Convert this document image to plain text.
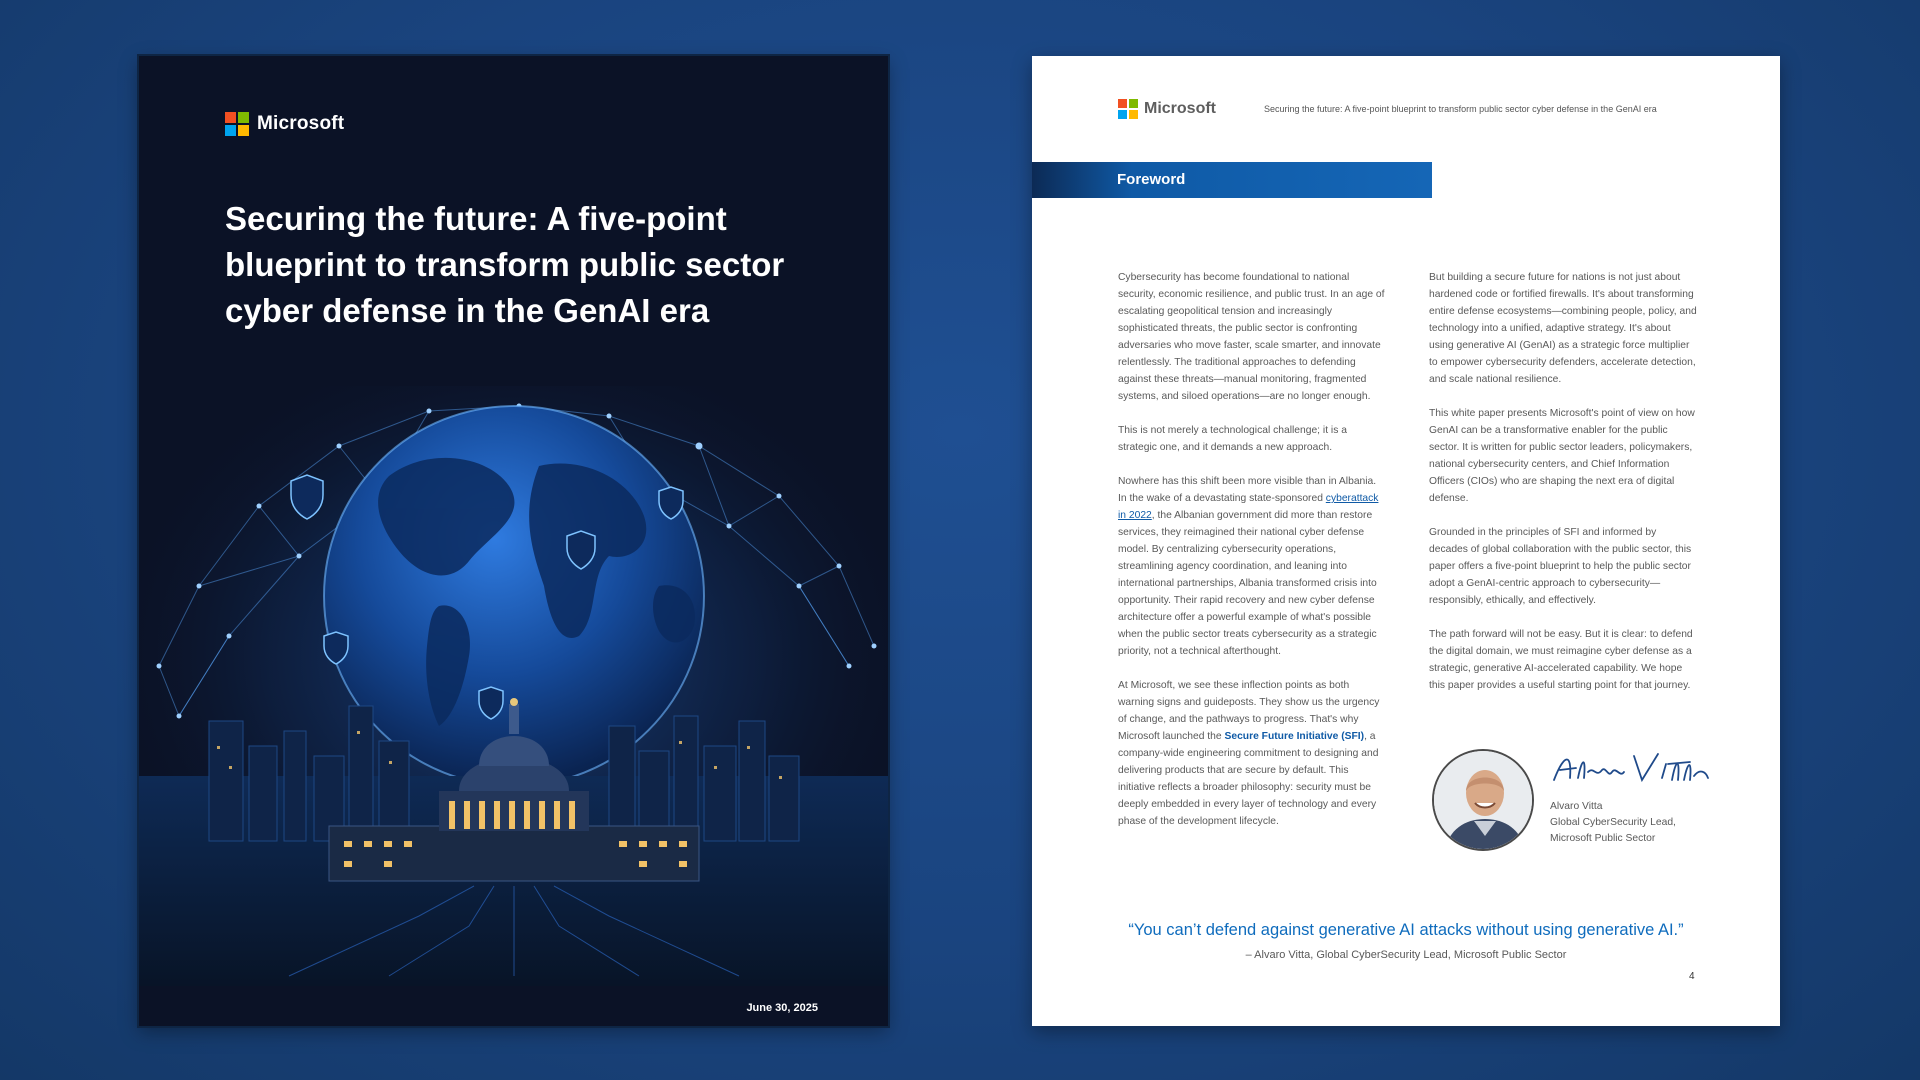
Microsoft
Securing the future: A five-point
blueprint to transform public sector
cyber defense in the GenAI era
June 30, 2025
Microsoft	Securing the future: A five-point blueprint to transform public sector cyber defense in the GenAI era
Foreword

Cybersecurity has become foundational to national security, economic resilience, and public trust. In an age of escalating geopolitical tension and increasingly sophisticated threats, the public sector is confronting adversaries who move faster, scale smarter, and innovate relentlessly. The traditional approaches to defending against these threats—manual monitoring, fragmented systems, and siloed operations—are no longer enough.

This is not merely a technological challenge; it is a strategic one, and it demands a new approach.

Nowhere has this shift been more visible than in Albania. In the wake of a devastating state-sponsored cyberattack in 2022, the Albanian government did more than restore services, they reimagined their national cyber defense model. By centralizing cybersecurity operations, streamlining agency coordination, and leaning into international partnerships, Albania transformed crisis into opportunity. Their rapid recovery and new cyber defense architecture offer a powerful example of what's possible when the public sector treats cybersecurity as a strategic priority, not a technical afterthought.

At Microsoft, we see these inflection points as both warning signs and guideposts. They show us the urgency of change, and the pathways to progress. That's why Microsoft launched the Secure Future Initiative (SFI), a company-wide engineering commitment to designing and delivering products that are secure by default. This initiative reflects a broader philosophy: security must be deeply embedded in every layer of technology and every phase of the development lifecycle.

But building a secure future for nations is not just about hardened code or fortified firewalls. It's about transforming entire defense ecosystems—combining people, policy, and technology into a unified, adaptive strategy. It's about using generative AI (GenAI) as a strategic force multiplier to empower cybersecurity defenders, accelerate detection, and scale national resilience.

This white paper presents Microsoft's point of view on how GenAI can be a transformative enabler for the public sector. It is written for public sector leaders, policymakers, national cybersecurity centers, and Chief Information Officers (CIOs) who are shaping the next era of digital defense.

Grounded in the principles of SFI and informed by decades of global collaboration with the public sector, this paper offers a five-point blueprint to help the public sector adopt a GenAI-centric approach to cybersecurity—responsibly, ethically, and effectively.

The path forward will not be easy. But it is clear: to defend the digital domain, we must reimagine cyber defense as a strategic, generative AI-accelerated capability. We hope this paper provides a useful starting point for that journey.

Alvaro Vitta
Global CyberSecurity Lead,
Microsoft Public Sector
“You can’t defend against generative AI attacks without using generative AI.”
– Alvaro Vitta, Global CyberSecurity Lead, Microsoft Public Sector
4
